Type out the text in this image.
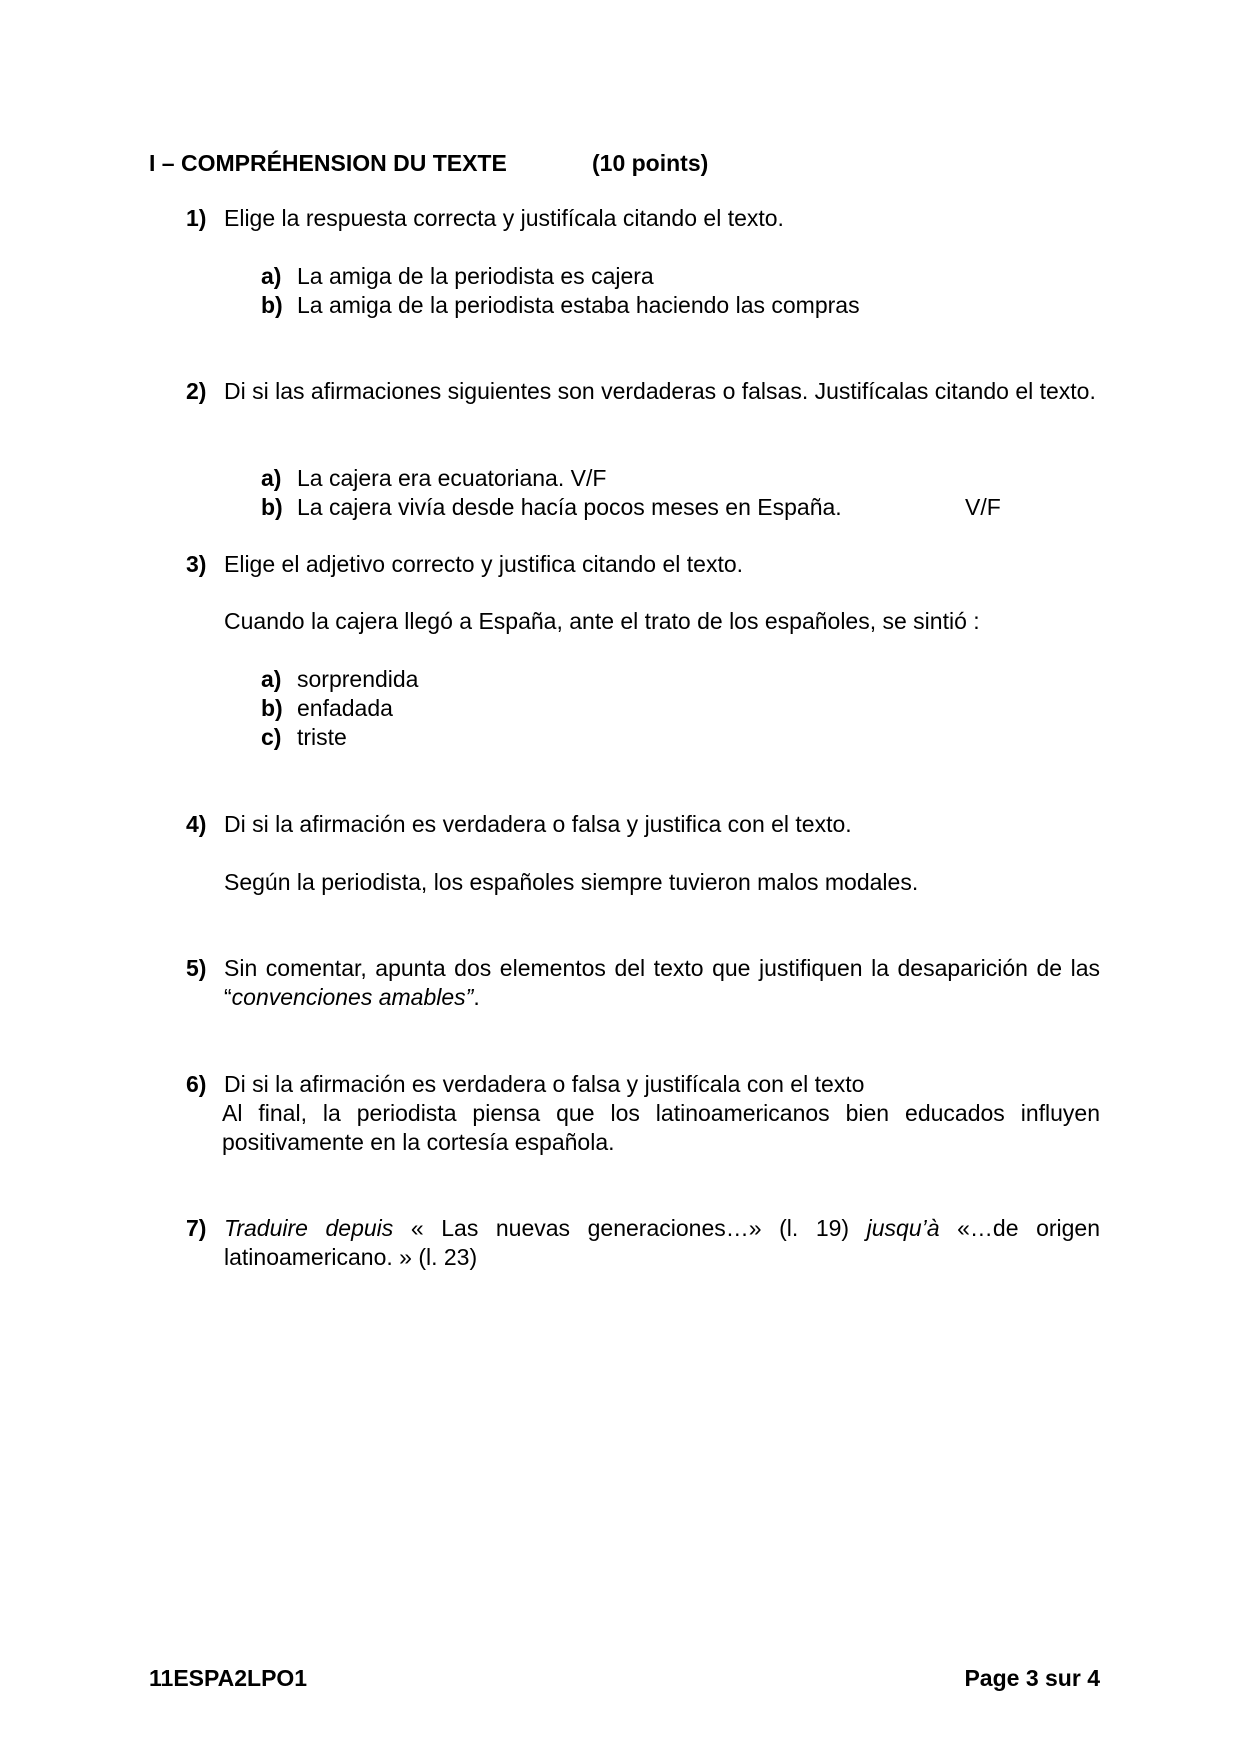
I – COMPRÉHENSION DU TEXTE	(10 points)
1) Elige la respuesta correcta y justifícala citando el texto.
a) La amiga de la periodista es cajera
b) La amiga de la periodista estaba haciendo las compras
2) Di si las afirmaciones siguientes son verdaderas o falsas. Justifícalas citando el texto.
a) La cajera era ecuatoriana. V/F
b) La cajera vivía desde hacía pocos meses en España.	V/F
3) Elige el adjetivo correcto y justifica citando el texto.
Cuando la cajera llegó a España, ante el trato de los españoles, se sintió :
a) sorprendida
b) enfadada
c) triste
4) Di si la afirmación es verdadera o falsa y justifica con el texto.
Según la periodista, los españoles siempre tuvieron malos modales.
5) Sin comentar, apunta dos elementos del texto que justifiquen la desaparición de las “convenciones amables”.
6) Di si la afirmación es verdadera o falsa y justifícala con el texto
Al final, la periodista piensa que los latinoamericanos bien educados influyen positivamente en la cortesía española.
7) Traduire depuis « Las nuevas generaciones…» (l. 19) jusqu’à «…de origen latinoamericano. » (l. 23)
11ESPA2LPO1	Page 3 sur 4
